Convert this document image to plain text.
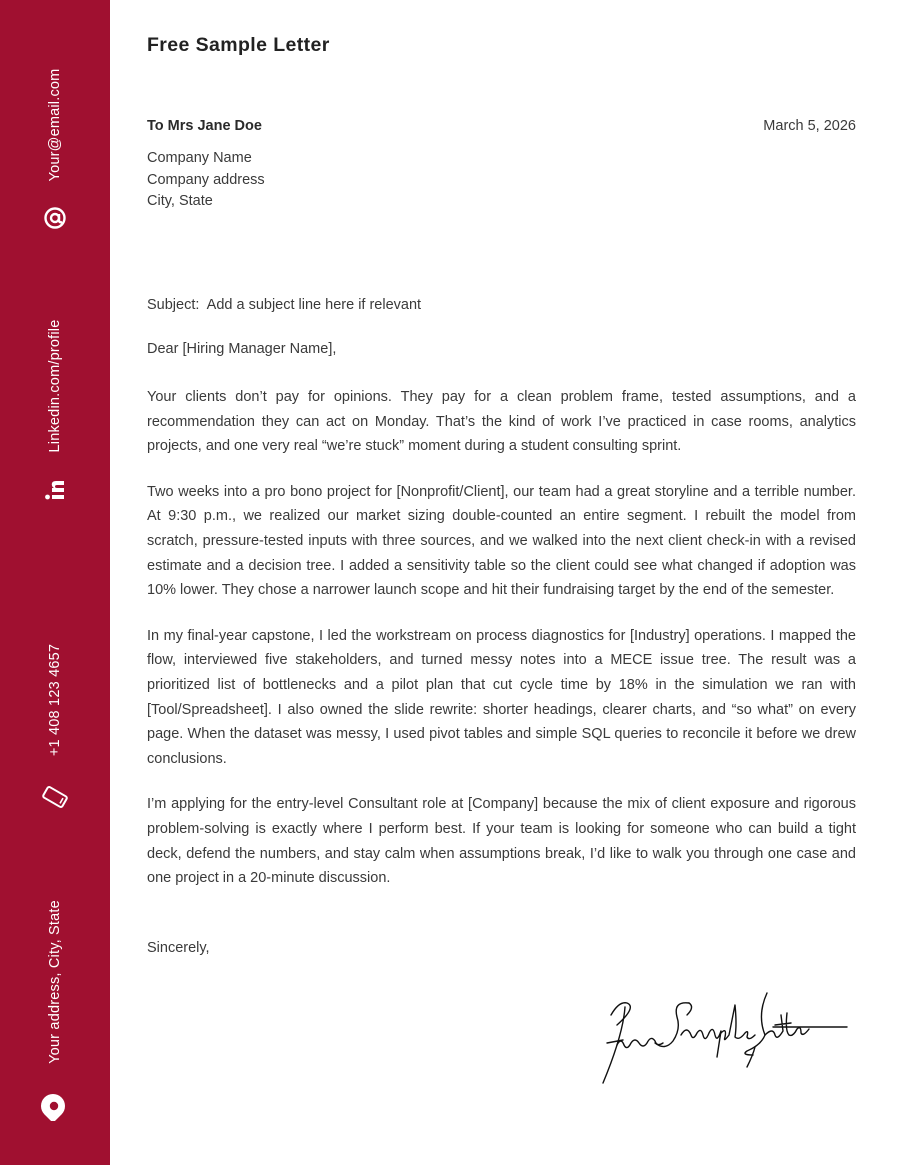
Your@email.com
Linkedin.com/profile
+1 408 123 4657
Your address, City, State
Free Sample Letter
To Mrs Jane Doe	March 5, 2026
Company Name
Company address
City, State
Subject:  Add a subject line here if relevant
Dear [Hiring Manager Name],

Your clients don’t pay for opinions. They pay for a clean problem frame, tested assumptions, and a recommendation they can act on Monday. That’s the kind of work I’ve practiced in case rooms, analytics projects, and one very real “we’re stuck” moment during a student consulting sprint.

Two weeks into a pro bono project for [Nonprofit/Client], our team had a great storyline and a terrible number. At 9:30 p.m., we realized our market sizing double-counted an entire segment. I rebuilt the model from scratch, pressure-tested inputs with three sources, and we walked into the next client check-in with a revised estimate and a decision tree. I added a sensitivity table so the client could see what changed if adoption was 10% lower. They chose a narrower launch scope and hit their fundraising target by the end of the semester.

In my final-year capstone, I led the workstream on process diagnostics for [Industry] operations. I mapped the flow, interviewed five stakeholders, and turned messy notes into a MECE issue tree. The result was a prioritized list of bottlenecks and a pilot plan that cut cycle time by 18% in the simulation we ran with [Tool/Spreadsheet]. I also owned the slide rewrite: shorter headings, clearer charts, and “so what” on every page. When the dataset was messy, I used pivot tables and simple SQL queries to reconcile it before we drew conclusions.

I’m applying for the entry-level Consultant role at [Company] because the mix of client exposure and rigorous problem-solving is exactly where I perform best. If your team is looking for someone who can build a tight deck, defend the numbers, and stay calm when assumptions break, I’d like to walk you through one case and one project in a 20-minute discussion.

Sincerely,
